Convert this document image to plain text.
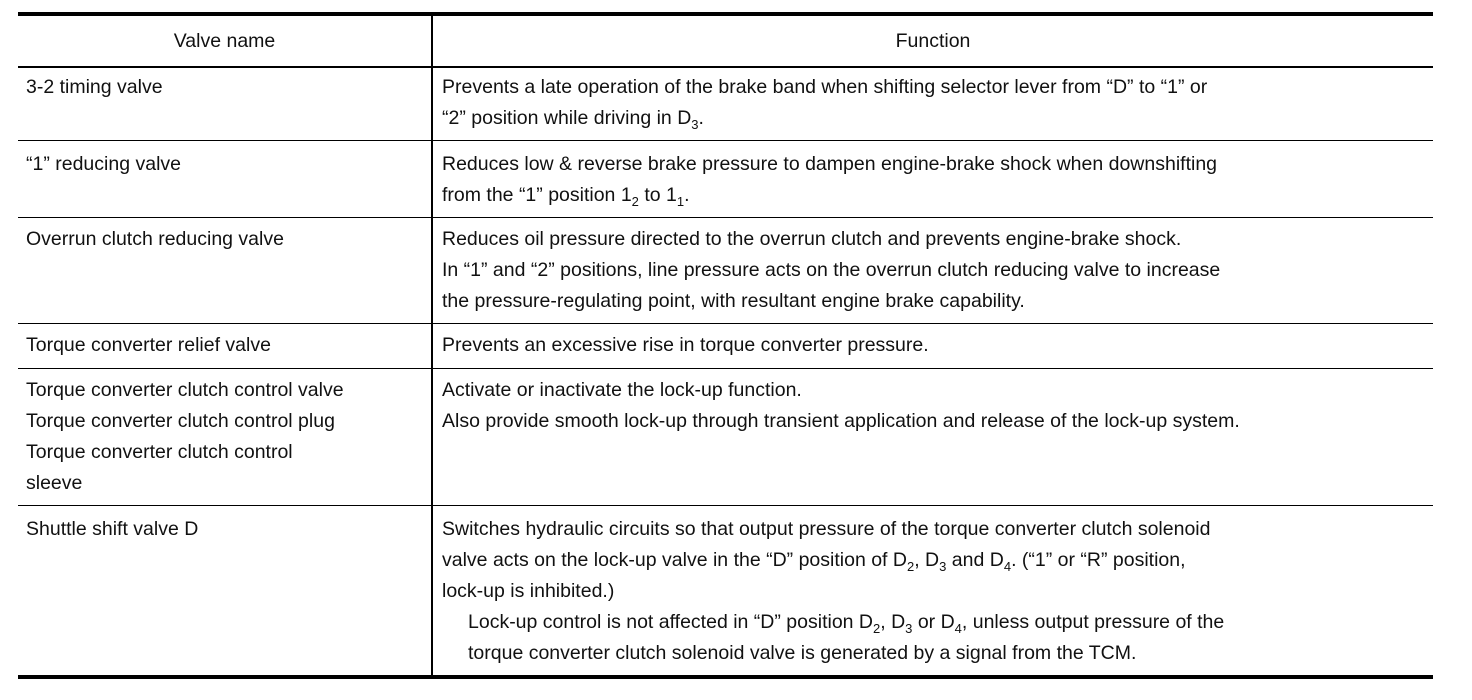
Valve name	Function

3-2 timing valve	Prevents a late operation of the brake band when shifting selector lever from “D” to “1” or
“2” position while driving in $D_3$.

“1” reducing valve	Reduces low & reverse brake pressure to dampen engine-brake shock when downshifting
from the “1” position $1_2$ to $1_1$.

Overrun clutch reducing valve	Reduces oil pressure directed to the overrun clutch and prevents engine-brake shock.
In “1” and “2” positions, line pressure acts on the overrun clutch reducing valve to increase
the pressure-regulating point, with resultant engine brake capability.

Torque converter relief valve	Prevents an excessive rise in torque converter pressure.

Torque converter clutch control valve
Torque converter clutch control plug
Torque converter clutch control
sleeve	Activate or inactivate the lock-up function.
Also provide smooth lock-up through transient application and release of the lock-up system.

Shuttle shift valve D	Switches hydraulic circuits so that output pressure of the torque converter clutch solenoid
valve acts on the lock-up valve in the “D” position of $D_2$, $D_3$ and $D_4$. (“1” or “R” position,
lock-up is inhibited.)
Lock-up control is not affected in “D” position $D_2$, $D_3$ or $D_4$, unless output pressure of the
torque converter clutch solenoid valve is generated by a signal from the TCM.
